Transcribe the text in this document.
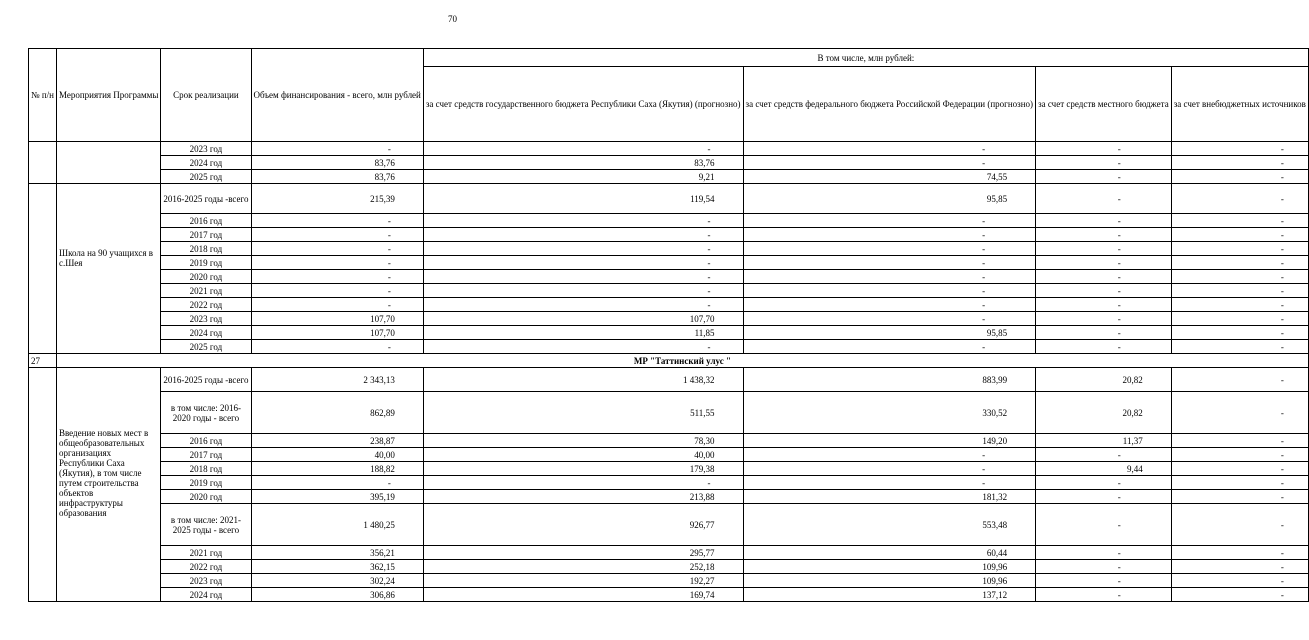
70
№ п/н	Мероприятия Программы	Срок реализации	Объем финансирования - всего, млн рублей	В том числе, млн рублей:			
				за счет средств государственного бюджета Республики Саха (Якутия) (прогнозно)	за счет средств федерального бюджета Российской Федерации (прогнозно)	за счет средств местного бюджета	за счет внебюджетных источников
		2023 год	-	-	-	-	-
		2024 год	83,76	83,76	-	-	-
		2025 год	83,76	9,21	74,55	-	-
	Школа на 90 учащихся в с.Шея	2016-2025 годы -всего	215,39	119,54	95,85	-	-
		2016 год	-	-	-	-	-
		2017 год	-	-	-	-	-
		2018 год	-	-	-	-	-
		2019 год	-	-	-	-	-
		2020 год	-	-	-	-	-
		2021 год	-	-	-	-	-
		2022 год	-	-	-	-	-
		2023 год	107,70	107,70	-	-	-
		2024 год	107,70	11,85	95,85	-	-
		2025 год	-	-	-	-	-
27	МР "Таттинский улус "						
	Введение новых мест в общеобразовательных организациях Республики Саха (Якутия), в том числе путем строительства объектов инфраструктуры образования	2016-2025 годы -всего	2 343,13	1 438,32	883,99	20,82	-
		в том числе: 2016-2020 годы - всего	862,89	511,55	330,52	20,82	-
		2016 год	238,87	78,30	149,20	11,37	-
		2017 год	40,00	40,00	-	-	-
		2018 год	188,82	179,38	-	9,44	-
		2019 год	-	-	-	-	-
		2020 год	395,19	213,88	181,32	-	-
		в том числе: 2021-2025 годы - всего	1 480,25	926,77	553,48	-	-
		2021 год	356,21	295,77	60,44	-	-
		2022 год	362,15	252,18	109,96	-	-
		2023 год	302,24	192,27	109,96	-	-
		2024 год	306,86	169,74	137,12	-	-
